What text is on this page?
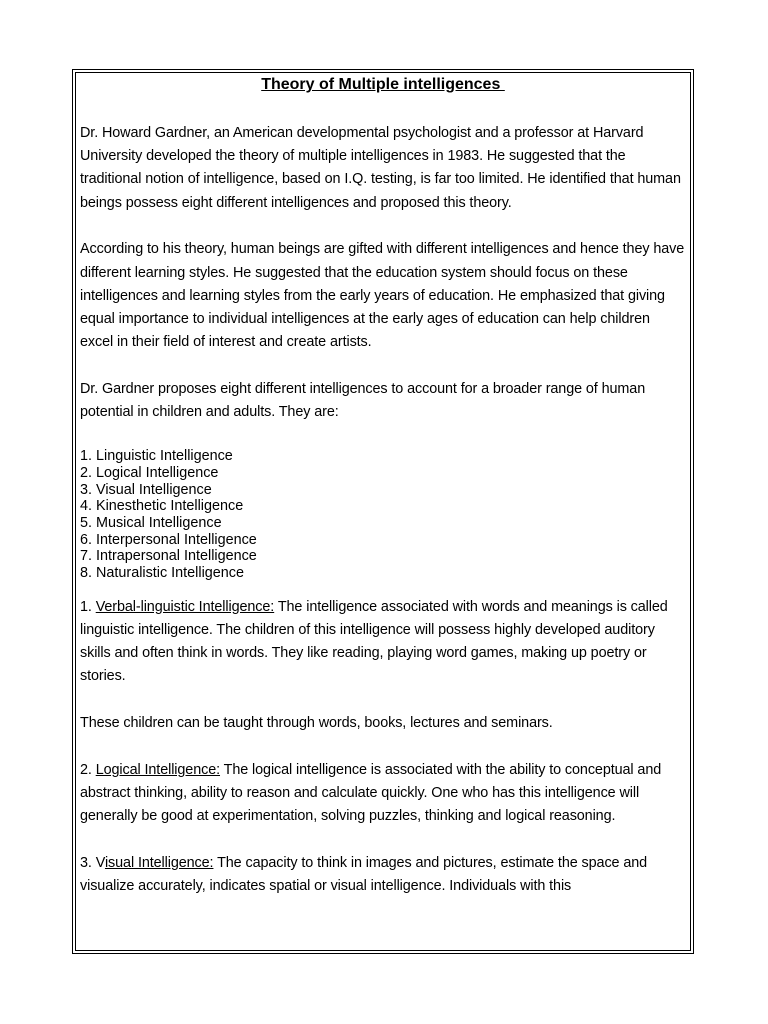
Theory of Multiple intelligences

Dr. Howard Gardner, an American developmental psychologist and a professor at Harvard University developed the theory of multiple intelligences in 1983. He suggested that the traditional notion of intelligence, based on I.Q. testing, is far too limited. He identified that human beings possess eight different intelligences and proposed this theory.

According to his theory, human beings are gifted with different intelligences and hence they have different learning styles. He suggested that the education system should focus on these intelligences and learning styles from the early years of education. He emphasized that giving equal importance to individual intelligences at the early ages of education can help children excel in their field of interest and create artists.

Dr. Gardner proposes eight different intelligences to account for a broader range of human potential in children and adults. They are:

1. Linguistic Intelligence
2. Logical Intelligence
3. Visual Intelligence
4. Kinesthetic Intelligence
5. Musical Intelligence
6. Interpersonal Intelligence
7. Intrapersonal Intelligence
8. Naturalistic Intelligence

1. Verbal-linguistic Intelligence: The intelligence associated with words and meanings is called linguistic intelligence. The children of this intelligence will possess highly developed auditory skills and often think in words. They like reading, playing word games, making up poetry or stories.

These children can be taught through words, books, lectures and seminars.

2. Logical Intelligence: The logical intelligence is associated with the ability to conceptual and abstract thinking, ability to reason and calculate quickly. One who has this intelligence will generally be good at experimentation, solving puzzles, thinking and logical reasoning.

3. Visual Intelligence: The capacity to think in images and pictures, estimate the space and visualize accurately, indicates spatial or visual intelligence. Individuals with this
